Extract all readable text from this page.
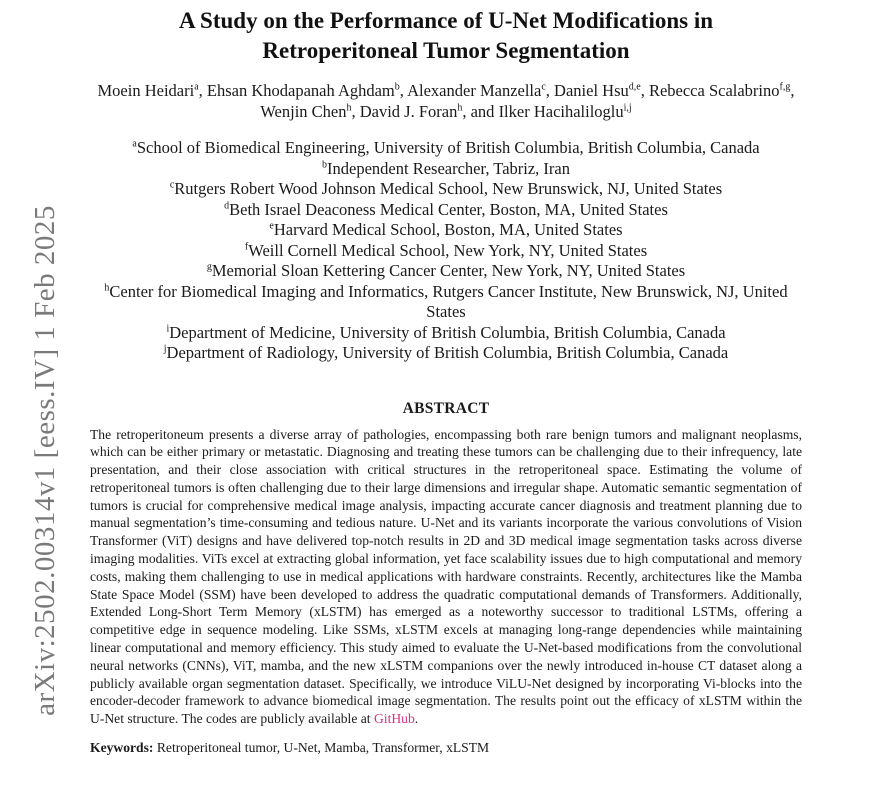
arXiv:2502.00314v1 [eess.IV] 1 Feb 2025
A Study on the Performance of U-Net Modifications in
Retroperitoneal Tumor Segmentation
Moein Heidari$^a$, Ehsan Khodapanah Aghdam$^b$, Alexander Manzella$^c$, Daniel Hsu$^{d,e}$, Rebecca Scalabrino$^{f,g}$, Wenjin Chen$^h$, David J. Foran$^h$, and Ilker Hacihaliloglu$^{i,j}$
$^a$School of Biomedical Engineering, University of British Columbia, British Columbia, Canada
$^b$Independent Researcher, Tabriz, Iran
$^c$Rutgers Robert Wood Johnson Medical School, New Brunswick, NJ, United States
$^d$Beth Israel Deaconess Medical Center, Boston, MA, United States
$^e$Harvard Medical School, Boston, MA, United States
$^f$Weill Cornell Medical School, New York, NY, United States
$^g$Memorial Sloan Kettering Cancer Center, New York, NY, United States
$^h$Center for Biomedical Imaging and Informatics, Rutgers Cancer Institute, New Brunswick, NJ, United States
$^i$Department of Medicine, University of British Columbia, British Columbia, Canada
$^j$Department of Radiology, University of British Columbia, British Columbia, Canada
ABSTRACT

The retroperitoneum presents a diverse array of pathologies, encompassing both rare benign tumors and malignant neoplasms, which can be either primary or metastatic. Diagnosing and treating these tumors can be challenging due to their infrequency, late presentation, and their close association with critical structures in the retroperitoneal space. Estimating the volume of retroperitoneal tumors is often challenging due to their large dimensions and irregular shape. Automatic semantic segmentation of tumors is crucial for comprehensive medical image analysis, impacting accurate cancer diagnosis and treatment planning due to manual segmentation’s time-consuming and tedious nature. U-Net and its variants incorporate the various convolutions of Vision Transformer (ViT) designs and have delivered top-notch results in 2D and 3D medical image segmentation tasks across diverse imaging modalities. ViTs excel at extracting global information, yet face scalability issues due to high computational and memory costs, making them challenging to use in medical applications with hardware constraints. Recently, architectures like the Mamba State Space Model (SSM) have been developed to address the quadratic computational demands of Transformers. Additionally, Extended Long-Short Term Memory (xLSTM) has emerged as a noteworthy successor to traditional LSTMs, offering a competitive edge in sequence modeling. Like SSMs, xLSTM excels at managing long-range dependencies while maintaining linear computational and memory efficiency. This study aimed to evaluate the U-Net-based modifications from the convolutional neural networks (CNNs), ViT, mamba, and the new xLSTM companions over the newly introduced in-house CT dataset along a publicly available organ segmentation dataset. Specifically, we introduce ViLU-Net designed by incorporating Vi-blocks into the encoder-decoder framework to advance biomedical image segmentation. The results point out the efficacy of xLSTM within the U-Net structure. The codes are publicly available at GitHub.

Keywords: Retroperitoneal tumor, U-Net, Mamba, Transformer, xLSTM
